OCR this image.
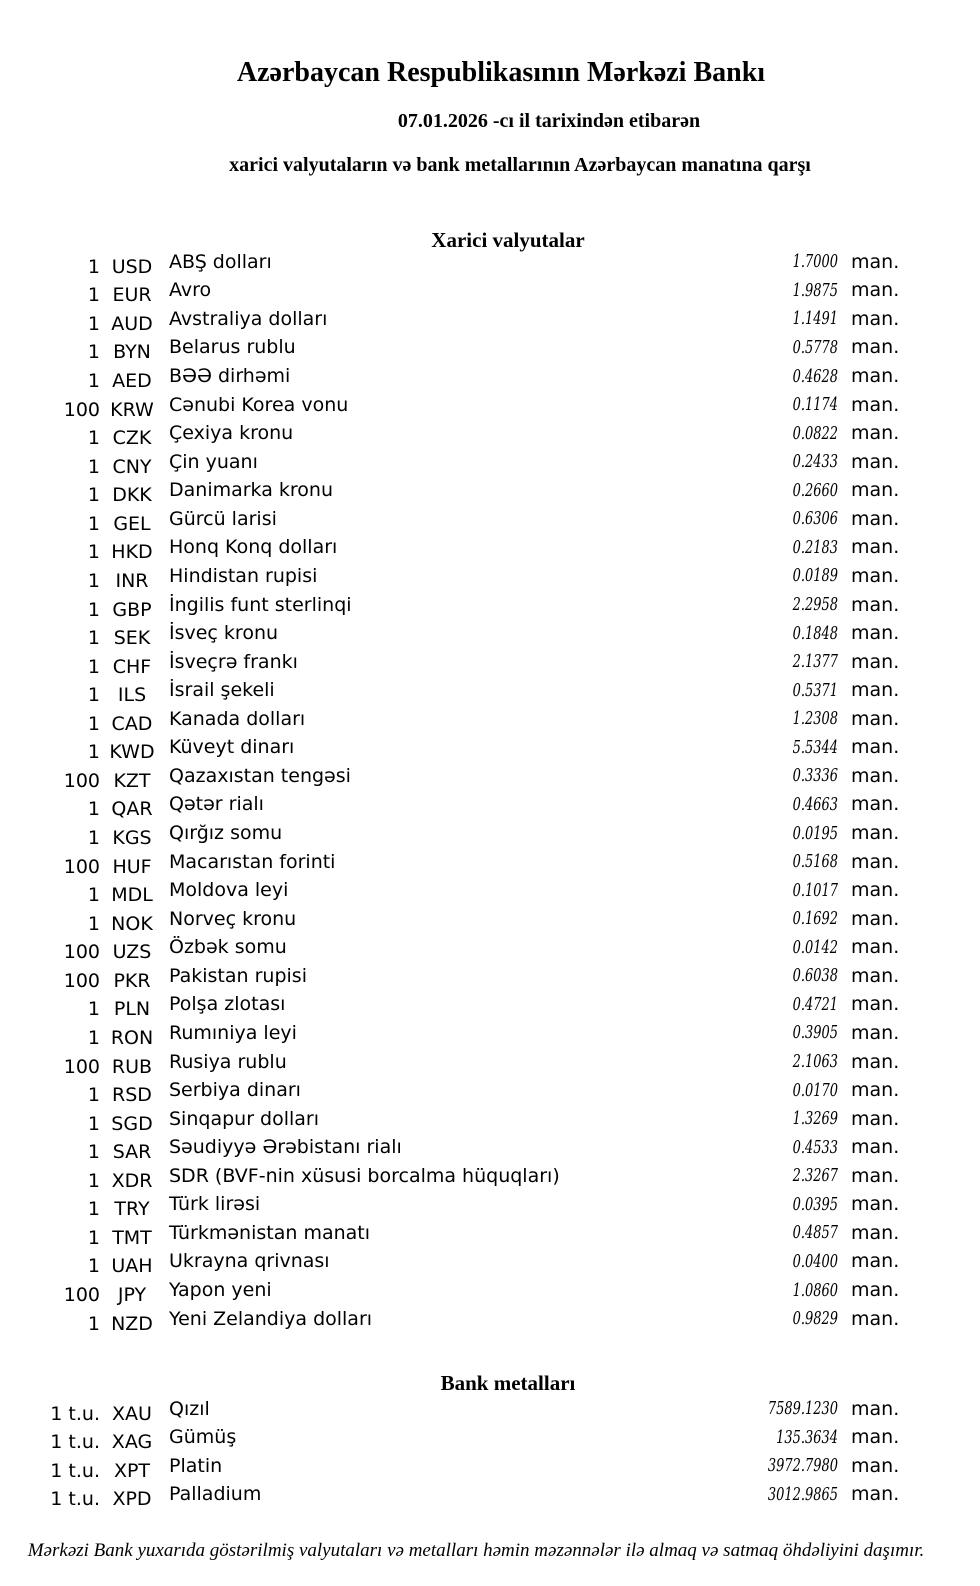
Azərbaycan Respublikasının Mərkəzi Bankı
07.01.2026 -cı il tarixindən etibarən
xarici valyutaların və bank metallarının Azərbaycan manatına qarşı
Xarici valyutalar
1 USD ABŞ dolları	1.7000 man.
1 EUR Avro	1.9875 man.
1 AUD Avstraliya dolları	1.1491 man.
1 BYN Belarus rublu	0.5778 man.
1 AED BƏƏ dirhəmi	0.4628 man.
100 KRW Cənubi Korea vonu	0.1174 man.
1 CZK Çexiya kronu	0.0822 man.
1 CNY Çin yuanı	0.2433 man.
1 DKK Danimarka kronu	0.2660 man.
1 GEL Gürcü larisi	0.6306 man.
1 HKD Honq Konq dolları	0.2183 man.
1 INR	Hindistan rupisi	0.0189 man.
1 GBP İngilis funt sterlinqi	2.2958 man.
1 SEK İsveç kronu	0.1848 man.
1 CHF İsveçrə frankı	2.1377 man.
1 ILS	İsrail şekeli	0.5371 man.
1 CAD Kanada dolları	1.2308 man.
1 KWD Küveyt dinarı	5.5344 man.
100 KZT Qazaxıstan tengəsi	0.3336 man.
1 QAR Qətər rialı	0.4663 man.
1 KGS Qırğız somu	0.0195 man.
100 HUF Macarıstan forinti	0.5168 man.
1 MDL Moldova leyi	0.1017 man.
1 NOK Norveç kronu	0.1692 man.
100 UZS Özbək somu	0.0142 man.
100 PKR Pakistan rupisi	0.6038 man.
1 PLN Polşa zlotası	0.4721 man.
1 RON Rumıniya leyi	0.3905 man.
100 RUB Rusiya rublu	2.1063 man.
1 RSD Serbiya dinarı	0.0170 man.
1 SGD Sinqapur dolları	1.3269 man.
1 SAR Səudiyyə Ərəbistanı rialı	0.4533 man.
1 XDR SDR (BVF-nin xüsusi borcalma hüquqları)	2.3267 man.
1 TRY	Türk lirəsi	0.0395 man.
1 TMT Türkmənistan manatı	0.4857 man.
1 UAH Ukrayna qrivnası	0.0400 man.
100 JPY	Yapon yeni	1.0860 man.
1 NZD Yeni Zelandiya dolları	0.9829 man.
Bank metalları
1 t.u. XAU Qızıl	7589.1230 man.
1 t.u. XAG Gümüş	135.3634 man.
1 t.u. XPT Platin	3972.7980 man.
1 t.u. XPD Palladium	3012.9865 man.
Mərkəzi Bank yuxarıda göstərilmiş valyutaları və metalları həmin məzənnələr ilə almaq və satmaq öhdəliyini daşımır.
